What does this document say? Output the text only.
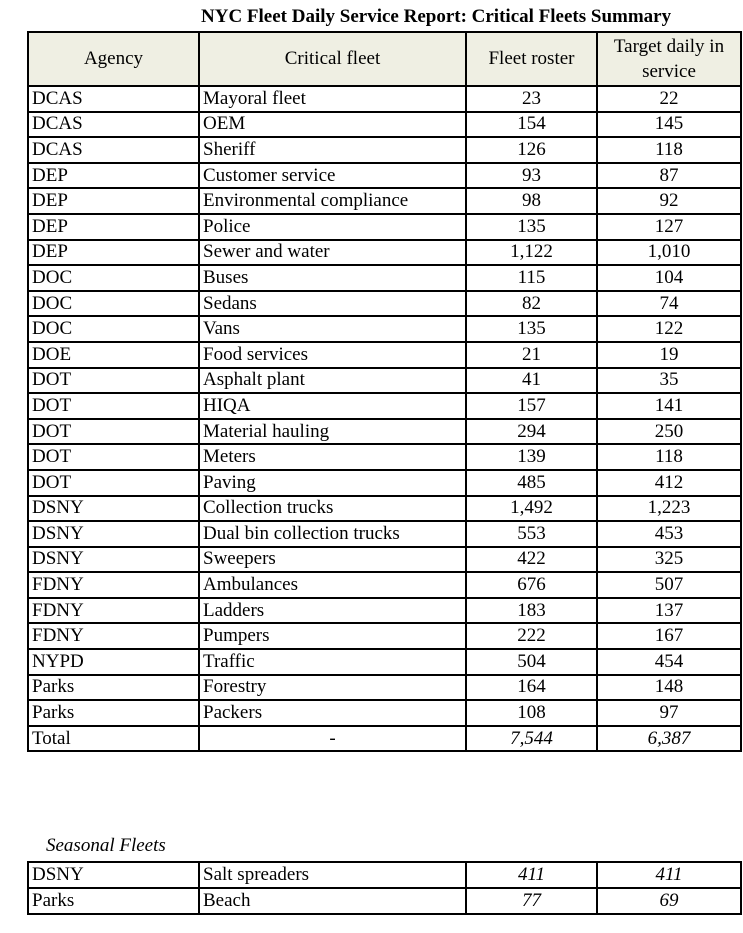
NYC Fleet Daily Service Report: Critical Fleets Summary
Agency	Critical fleet	Fleet roster	Target daily in
service

DCAS	Mayoral fleet	23	22
DCAS	OEM	154	145
DCAS	Sheriff	126	118
DEP	Customer service	93	87
DEP	Environmental compliance	98	92
DEP	Police	135	127
DEP	Sewer and water	1,122	1,010
DOC	Buses	115	104
DOC	Sedans	82	74
DOC	Vans	135	122
DOE	Food services	21	19
DOT	Asphalt plant	41	35
DOT	HIQA	157	141
DOT	Material hauling	294	250
DOT	Meters	139	118
DOT	Paving	485	412
DSNY	Collection trucks	1,492	1,223
DSNY	Dual bin collection trucks	553	453
DSNY	Sweepers	422	325
FDNY	Ambulances	676	507
FDNY	Ladders	183	137
FDNY	Pumpers	222	167
NYPD	Traffic	504	454
Parks	Forestry	164	148
Parks	Packers	108	97
Total	-	7,544	6,387
Seasonal Fleets
DSNY	Salt spreaders	411	411
Parks	Beach	77	69
